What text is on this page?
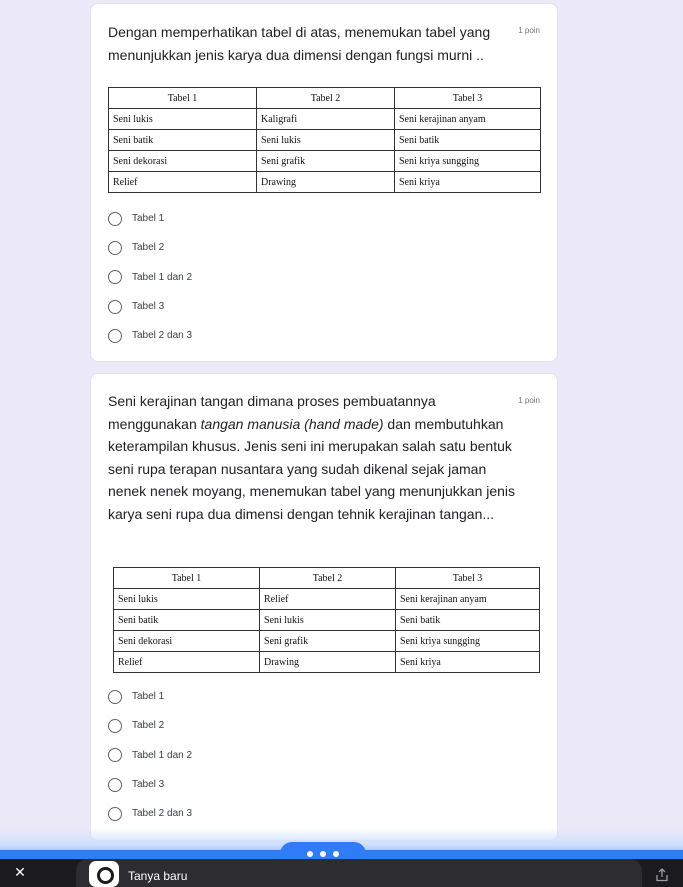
1 poin
Dengan memperhatikan tabel di atas, menemukan tabel yang menunjukkan jenis karya dua dimensi dengan fungsi murni ..
Tabel 1	Tabel 2	Tabel 3
Seni lukis	Kaligrafi	Seni kerajinan anyam
Seni batik	Seni lukis	Seni batik
Seni dekorasi	Seni grafik	Seni kriya sungging
Relief	Drawing	Seni kriya
Tabel 1
Tabel 2
Tabel 1 dan 2
Tabel 3
Tabel 2 dan 3
1 poin
Seni kerajinan tangan dimana proses pembuatannya menggunakan tangan manusia (hand made) dan membutuhkan keterampilan khusus. Jenis seni ini merupakan salah satu bentuk seni rupa terapan nusantara yang sudah dikenal sejak jaman nenek nenek moyang, menemukan tabel yang menunjukkan jenis karya seni rupa dua dimensi dengan tehnik kerajinan tangan...
Tabel 1	Tabel 2	Tabel 3
Seni lukis	Relief	Seni kerajinan anyam
Seni batik	Seni lukis	Seni batik
Seni dekorasi	Seni grafik	Seni kriya sungging
Relief	Drawing	Seni kriya
Tabel 1
Tabel 2
Tabel 1 dan 2
Tabel 3
Tabel 2 dan 3
✕	Tanya baru
